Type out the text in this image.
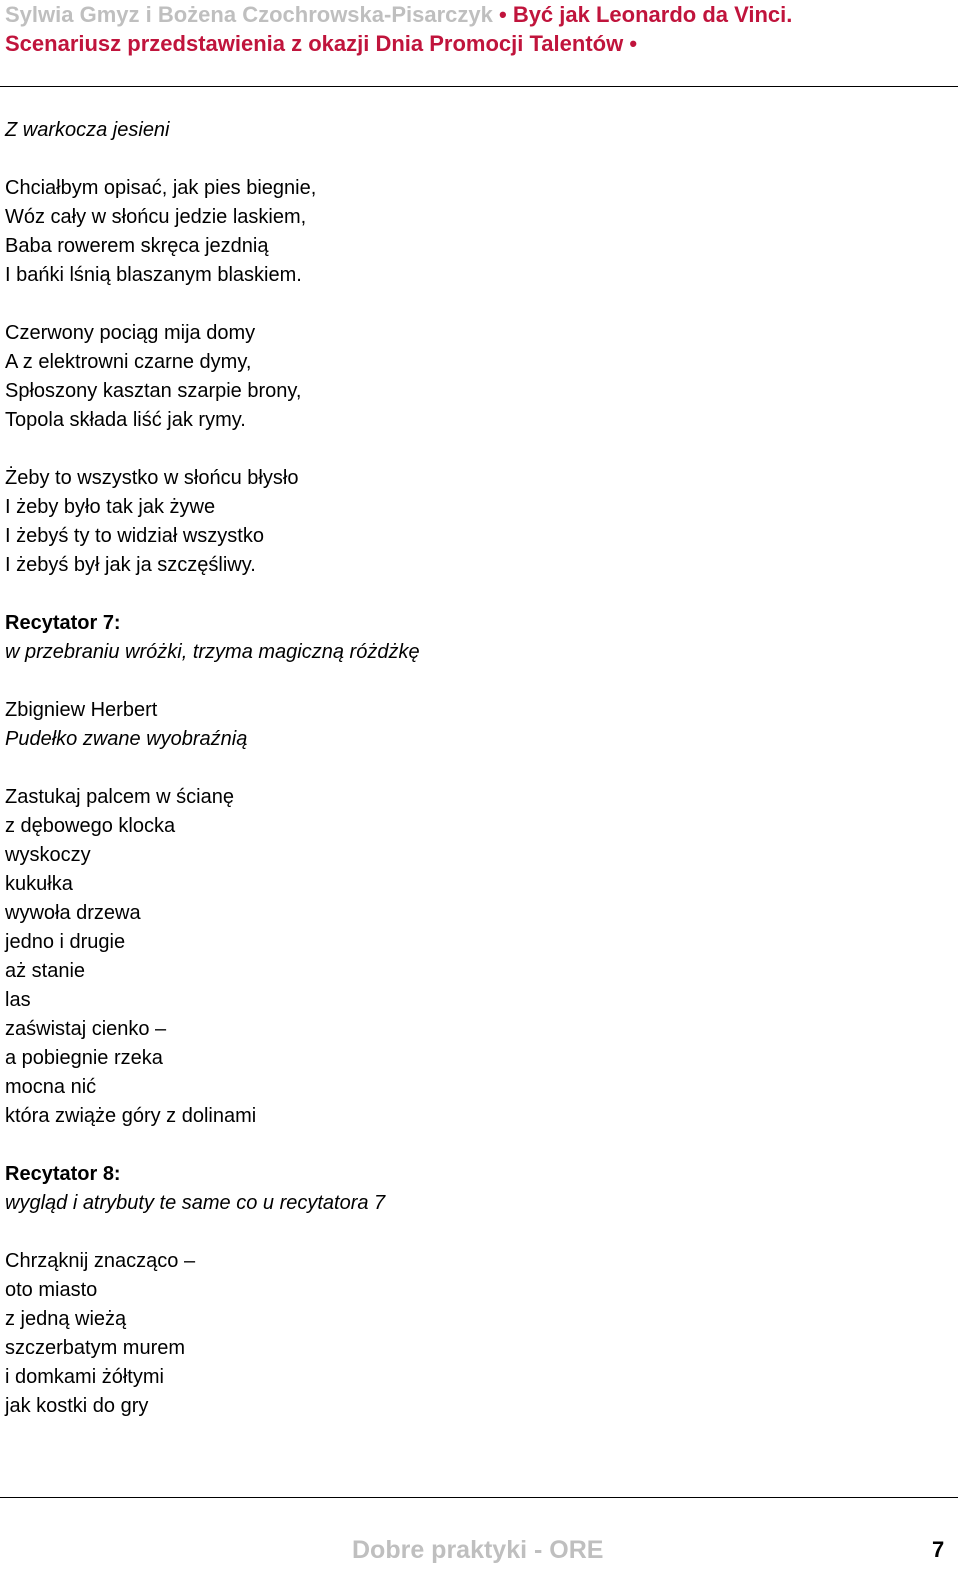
Sylwia Gmyz i Bożena Czochrowska-Pisarczyk • Być jak Leonardo da Vinci.
Scenariusz przedstawienia z okazji Dnia Promocji Talentów •
Z warkocza jesieni
Chciałbym opisać, jak pies biegnie,
Wóz cały w słońcu jedzie laskiem,
Baba rowerem skręca jezdnią
I bańki lśnią blaszanym blaskiem.
Czerwony pociąg mija domy
A z elektrowni czarne dymy,
Spłoszony kasztan szarpie brony,
Topola składa liść jak rymy.
Żeby to wszystko w słońcu błysło
I żeby było tak jak żywe
I żebyś ty to widział wszystko
I żebyś był jak ja szczęśliwy.
Recytator 7:
w przebraniu wróżki, trzyma magiczną różdżkę
Zbigniew Herbert
Pudełko zwane wyobraźnią
Zastukaj palcem w ścianę
z dębowego klocka
wyskoczy
kukułka
wywoła drzewa
jedno i drugie
aż stanie
las
zaświstaj cienko –
a pobiegnie rzeka
mocna nić
która zwiąże góry z dolinami
Recytator 8:
wygląd i atrybuty te same co u recytatora 7
Chrząknij znacząco –
oto miasto
z jedną wieżą
szczerbatym murem
i domkami żółtymi
jak kostki do gry
Dobre praktyki - ORE	7
